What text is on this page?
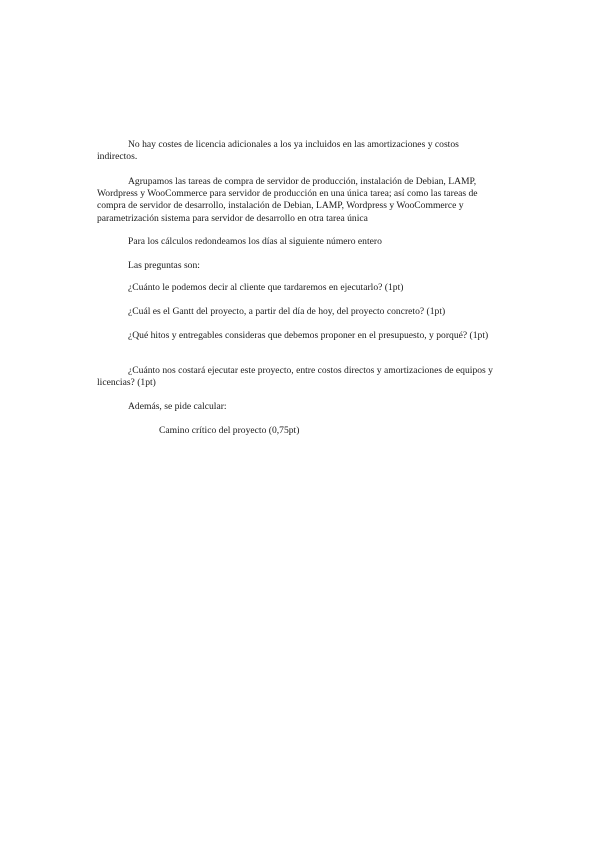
No hay costes de licencia adicionales a los ya incluidos en las amortizaciones y costos indirectos.

Agrupamos las tareas de compra de servidor de producción, instalación de Debian, LAMP, Wordpress y WooCommerce para servidor de producción en una única tarea; así como las tareas de compra de servidor de desarrollo, instalación de Debian, LAMP, Wordpress y WooCommerce y parametrización sistema para servidor de desarrollo en otra tarea única

Para los cálculos redondeamos los días al siguiente número entero

Las preguntas son:

¿Cuánto le podemos decir al cliente que tardaremos en ejecutarlo? (1pt)

¿Cuál es el Gantt del proyecto, a partir del día de hoy, del proyecto concreto? (1pt)

¿Qué hitos y entregables consideras que debemos proponer en el presupuesto, y porqué? (1pt)

¿Cuánto nos costará ejecutar este proyecto, entre costos directos y amortizaciones de equipos y licencias? (1pt)

Además, se pide calcular:

Camino crítico del proyecto (0,75pt)
